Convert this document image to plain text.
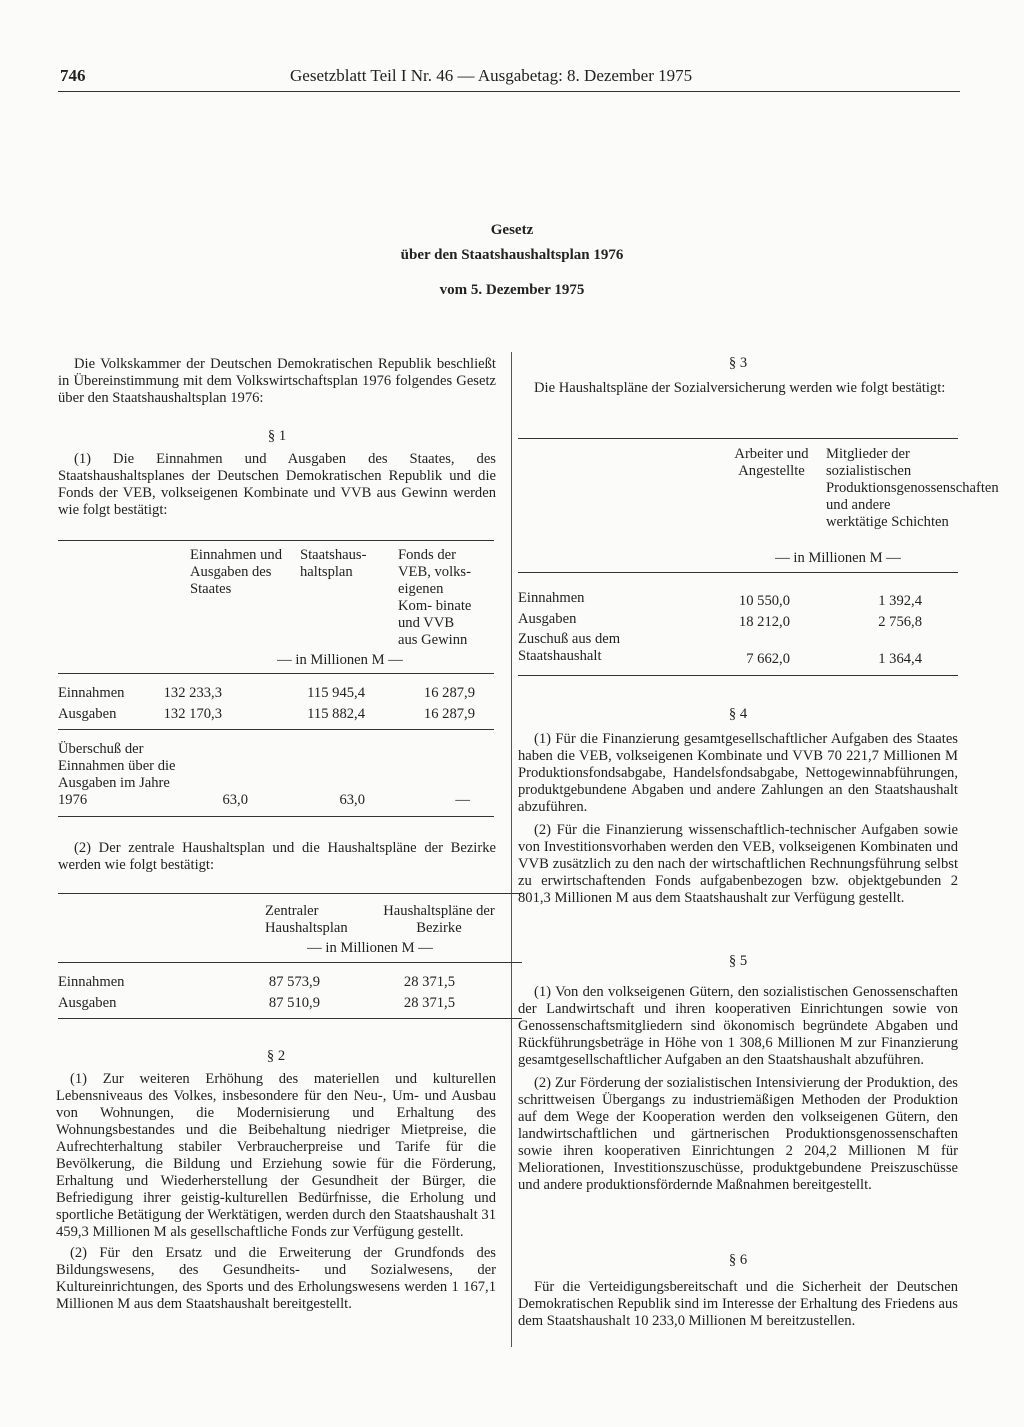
746	Gesetzblatt Teil I Nr. 46 — Ausgabetag: 8. Dezember 1975
Gesetz
über den Staatshaushaltsplan 1976
vom 5. Dezember 1975

Die Volkskammer der Deutschen Demokratischen Republik beschließt in Übereinstimmung mit dem Volkswirtschaftsplan 1976 folgendes Gesetz über den Staatshaushaltsplan 1976:

§ 1

(1) Die Einnahmen und Ausgaben des Staates, des Staatshaushaltsplanes der Deutschen Demokratischen Republik und die Fonds der VEB, volkseigenen Kombinate und VVB aus Gewinn werden wie folgt bestätigt:

Einnahmen und Ausgaben des Staates
Staatshaus- haltsplan
Fonds der VEB, volks- eigenen Kom- binate und VVB aus Gewinn
— in Millionen M —
Einnahmen	132 233,3	115 945,4	16 287,9
Ausgaben	132 170,3	115 882,4	16 287,9
Überschuß der Einnahmen über die Ausgaben im Jahre 1976	63,0	63,0	—

(2) Der zentrale Haushaltsplan und die Haushaltspläne der Bezirke werden wie folgt bestätigt:

Zentraler Haushaltsplan
Haushaltspläne der Bezirke
— in Millionen M —
Einnahmen	87 573,9	28 371,5
Ausgaben	87 510,9	28 371,5

§ 2

(1) Zur weiteren Erhöhung des materiellen und kulturellen Lebensniveaus des Volkes, insbesondere für den Neu-, Um- und Ausbau von Wohnungen, die Modernisierung und Erhaltung des Wohnungsbestandes und die Beibehaltung niedriger Mietpreise, die Aufrechterhaltung stabiler Verbraucherpreise und Tarife für die Bevölkerung, die Bildung und Erziehung sowie für die Förderung, Erhaltung und Wiederherstellung der Gesundheit der Bürger, die Befriedigung ihrer geistig-kulturellen Bedürfnisse, die Erholung und sportliche Betätigung der Werktätigen, werden durch den Staatshaushalt 31 459,3 Millionen M als gesellschaftliche Fonds zur Verfügung gestellt.

(2) Für den Ersatz und die Erweiterung der Grundfonds des Bildungswesens, des Gesundheits- und Sozialwesens, der Kultureinrichtungen, des Sports und des Erholungswesens werden 1 167,1 Millionen M aus dem Staatshaushalt bereitgestellt.

§ 3

Die Haushaltspläne der Sozialversicherung werden wie folgt bestätigt:

Arbeiter und Angestellte
Mitglieder der sozialistischen Produktionsgenossenschaften und andere werktätige Schichten
— in Millionen M —
Einnahmen	10 550,0	1 392,4
Ausgaben	18 212,0	2 756,8
Zuschuß aus dem Staatshaushalt	7 662,0	1 364,4

§ 4

(1) Für die Finanzierung gesamtgesellschaftlicher Aufgaben des Staates haben die VEB, volkseigenen Kombinate und VVB 70 221,7 Millionen M Produktionsfondsabgabe, Handelsfondsabgabe, Nettogewinnabführungen, produktgebundene Abgaben und andere Zahlungen an den Staatshaushalt abzuführen.

(2) Für die Finanzierung wissenschaftlich-technischer Aufgaben sowie von Investitionsvorhaben werden den VEB, volkseigenen Kombinaten und VVB zusätzlich zu den nach der wirtschaftlichen Rechnungsführung selbst zu erwirtschaftenden Fonds aufgabenbezogen bzw. objektgebunden 2 801,3 Millionen M aus dem Staatshaushalt zur Verfügung gestellt.

§ 5

(1) Von den volkseigenen Gütern, den sozialistischen Genossenschaften der Landwirtschaft und ihren kooperativen Einrichtungen sowie von Genossenschaftsmitgliedern sind ökonomisch begründete Abgaben und Rückführungsbeträge in Höhe von 1 308,6 Millionen M zur Finanzierung gesamtgesellschaftlicher Aufgaben an den Staatshaushalt abzuführen.

(2) Zur Förderung der sozialistischen Intensivierung der Produktion, des schrittweisen Übergangs zu industriemäßigen Methoden der Produktion auf dem Wege der Kooperation werden den volkseigenen Gütern, den landwirtschaftlichen und gärtnerischen Produktionsgenossenschaften sowie ihren kooperativen Einrichtungen 2 204,2 Millionen M für Meliorationen, Investitionszuschüsse, produktgebundene Preiszuschüsse und andere produktionsfördernde Maßnahmen bereitgestellt.

§ 6

Für die Verteidigungsbereitschaft und die Sicherheit der Deutschen Demokratischen Republik sind im Interesse der Erhaltung des Friedens aus dem Staatshaushalt 10 233,0 Millionen M bereitzustellen.
